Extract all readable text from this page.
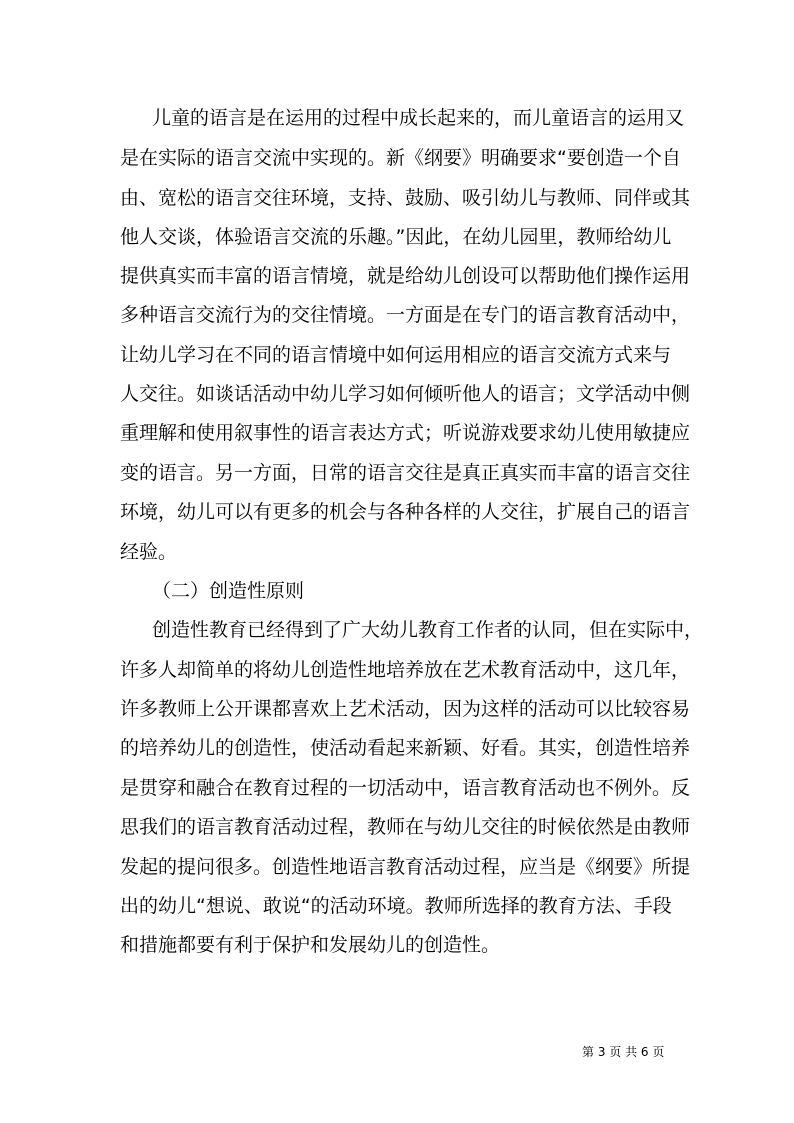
儿童的语言是在运用的过程中成长起来的，而儿童语言的运用又
是在实际的语言交流中实现的。新《纲要》明确要求“要创造一个自
由、宽松的语言交往环境，支持、鼓励、吸引幼儿与教师、同伴或其
他人交谈，体验语言交流的乐趣。”因此，在幼儿园里，教师给幼儿
提供真实而丰富的语言情境，就是给幼儿创设可以帮助他们操作运用
多种语言交流行为的交往情境。一方面是在专门的语言教育活动中，
让幼儿学习在不同的语言情境中如何运用相应的语言交流方式来与
人交往。如谈话活动中幼儿学习如何倾听他人的语言；文学活动中侧
重理解和使用叙事性的语言表达方式；听说游戏要求幼儿使用敏捷应
变的语言。另一方面，日常的语言交往是真正真实而丰富的语言交往
环境，幼儿可以有更多的机会与各种各样的人交往，扩展自己的语言
经验。
（二）创造性原则
创造性教育已经得到了广大幼儿教育工作者的认同，但在实际中，
许多人却简单的将幼儿创造性地培养放在艺术教育活动中，这几年，
许多教师上公开课都喜欢上艺术活动，因为这样的活动可以比较容易
的培养幼儿的创造性，使活动看起来新颖、好看。其实，创造性培养
是贯穿和融合在教育过程的一切活动中，语言教育活动也不例外。反
思我们的语言教育活动过程，教师在与幼儿交往的时候依然是由教师
发起的提问很多。创造性地语言教育活动过程，应当是《纲要》所提
出的幼儿“想说、敢说“的活动环境。教师所选择的教育方法、手段
和措施都要有利于保护和发展幼儿的创造性。
第 3 页 共 6 页
